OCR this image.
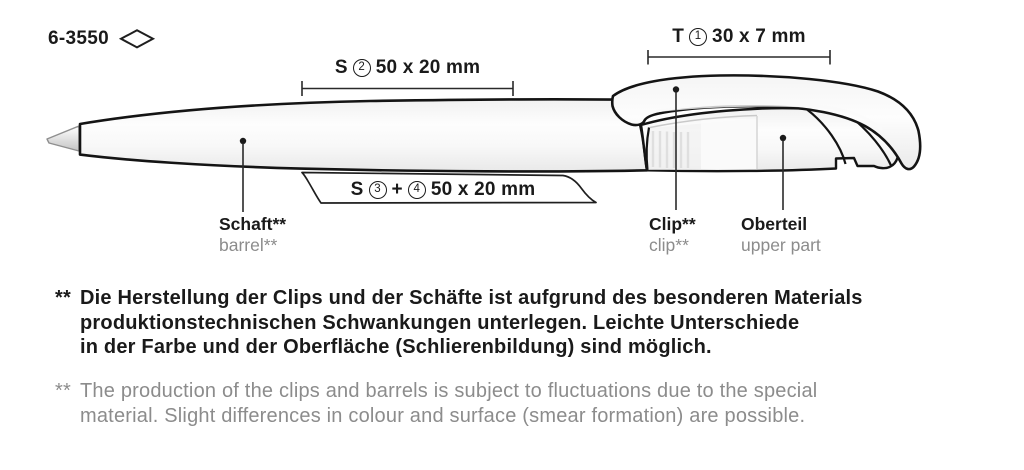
6-3550
S 2 50 x 20 mm
T 1 30 x 7 mm
S 3 + 4 50 x 20 mm
Schaft**
barrel**
Clip**
clip**
Oberteil
upper part
** Die Herstellung der Clips und der Schäfte ist aufgrund des besonderen Materials
produktionstechnischen Schwankungen unterlegen. Leichte Unterschiede
in der Farbe und der Oberfläche (Schlierenbildung) sind möglich.
** The production of the clips and barrels is subject to fluctuations due to the special
material. Slight differences in colour and surface (smear formation) are possible.
